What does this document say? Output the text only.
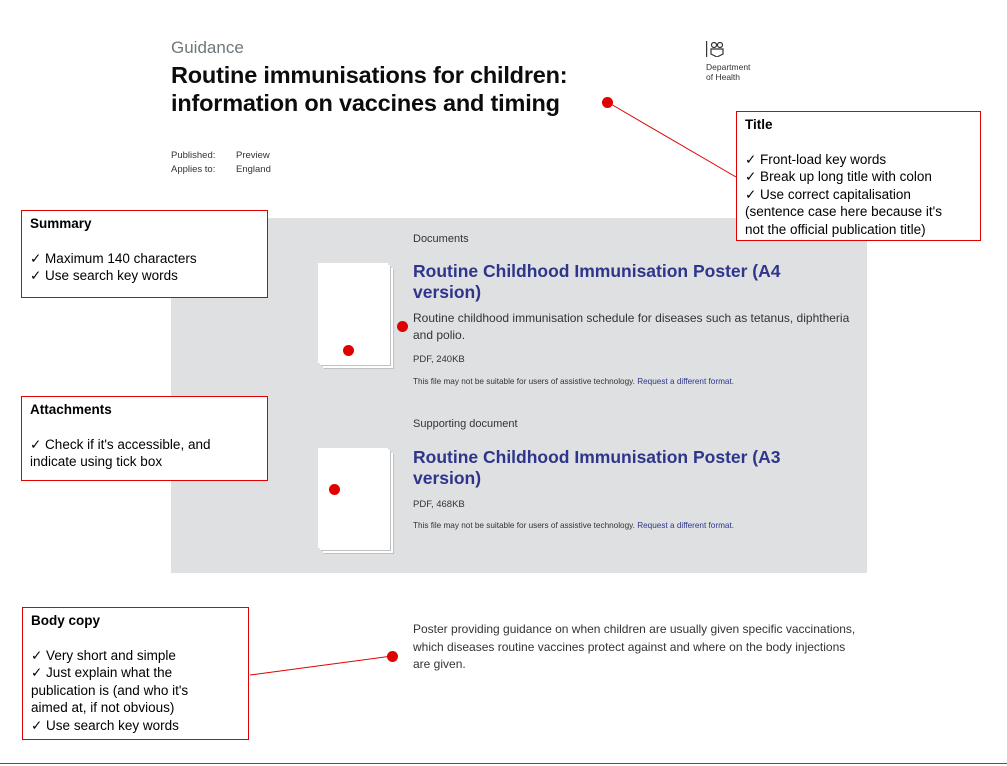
Guidance
Routine immunisations for children: information on vaccines and timing
Published:	Preview
Applies to:	England
Department
of Health
Documents
Routine Childhood Immunisation Poster (A4 version)
Routine childhood immunisation schedule for diseases such as tetanus, diphtheria and polio.
PDF, 240KB
This file may not be suitable for users of assistive technology. Request a different format.
Supporting document
Routine Childhood Immunisation Poster (A3 version)
PDF, 468KB
This file may not be suitable for users of assistive technology. Request a different format.
Poster providing guidance on when children are usually given specific vaccinations, which diseases routine vaccines protect against and where on the body injections are given.
Title
✓ Front-load key words
✓ Break up long title with colon
✓ Use correct capitalisation
(sentence case here because it's
not the official publication title)
Summary
✓ Maximum 140 characters
✓ Use search key words
Attachments
✓ Check if it's accessible, and
indicate using tick box
Body copy
✓ Very short and simple
✓ Just explain what the
publication is (and who it's
aimed at, if not obvious)
✓ Use search key words
